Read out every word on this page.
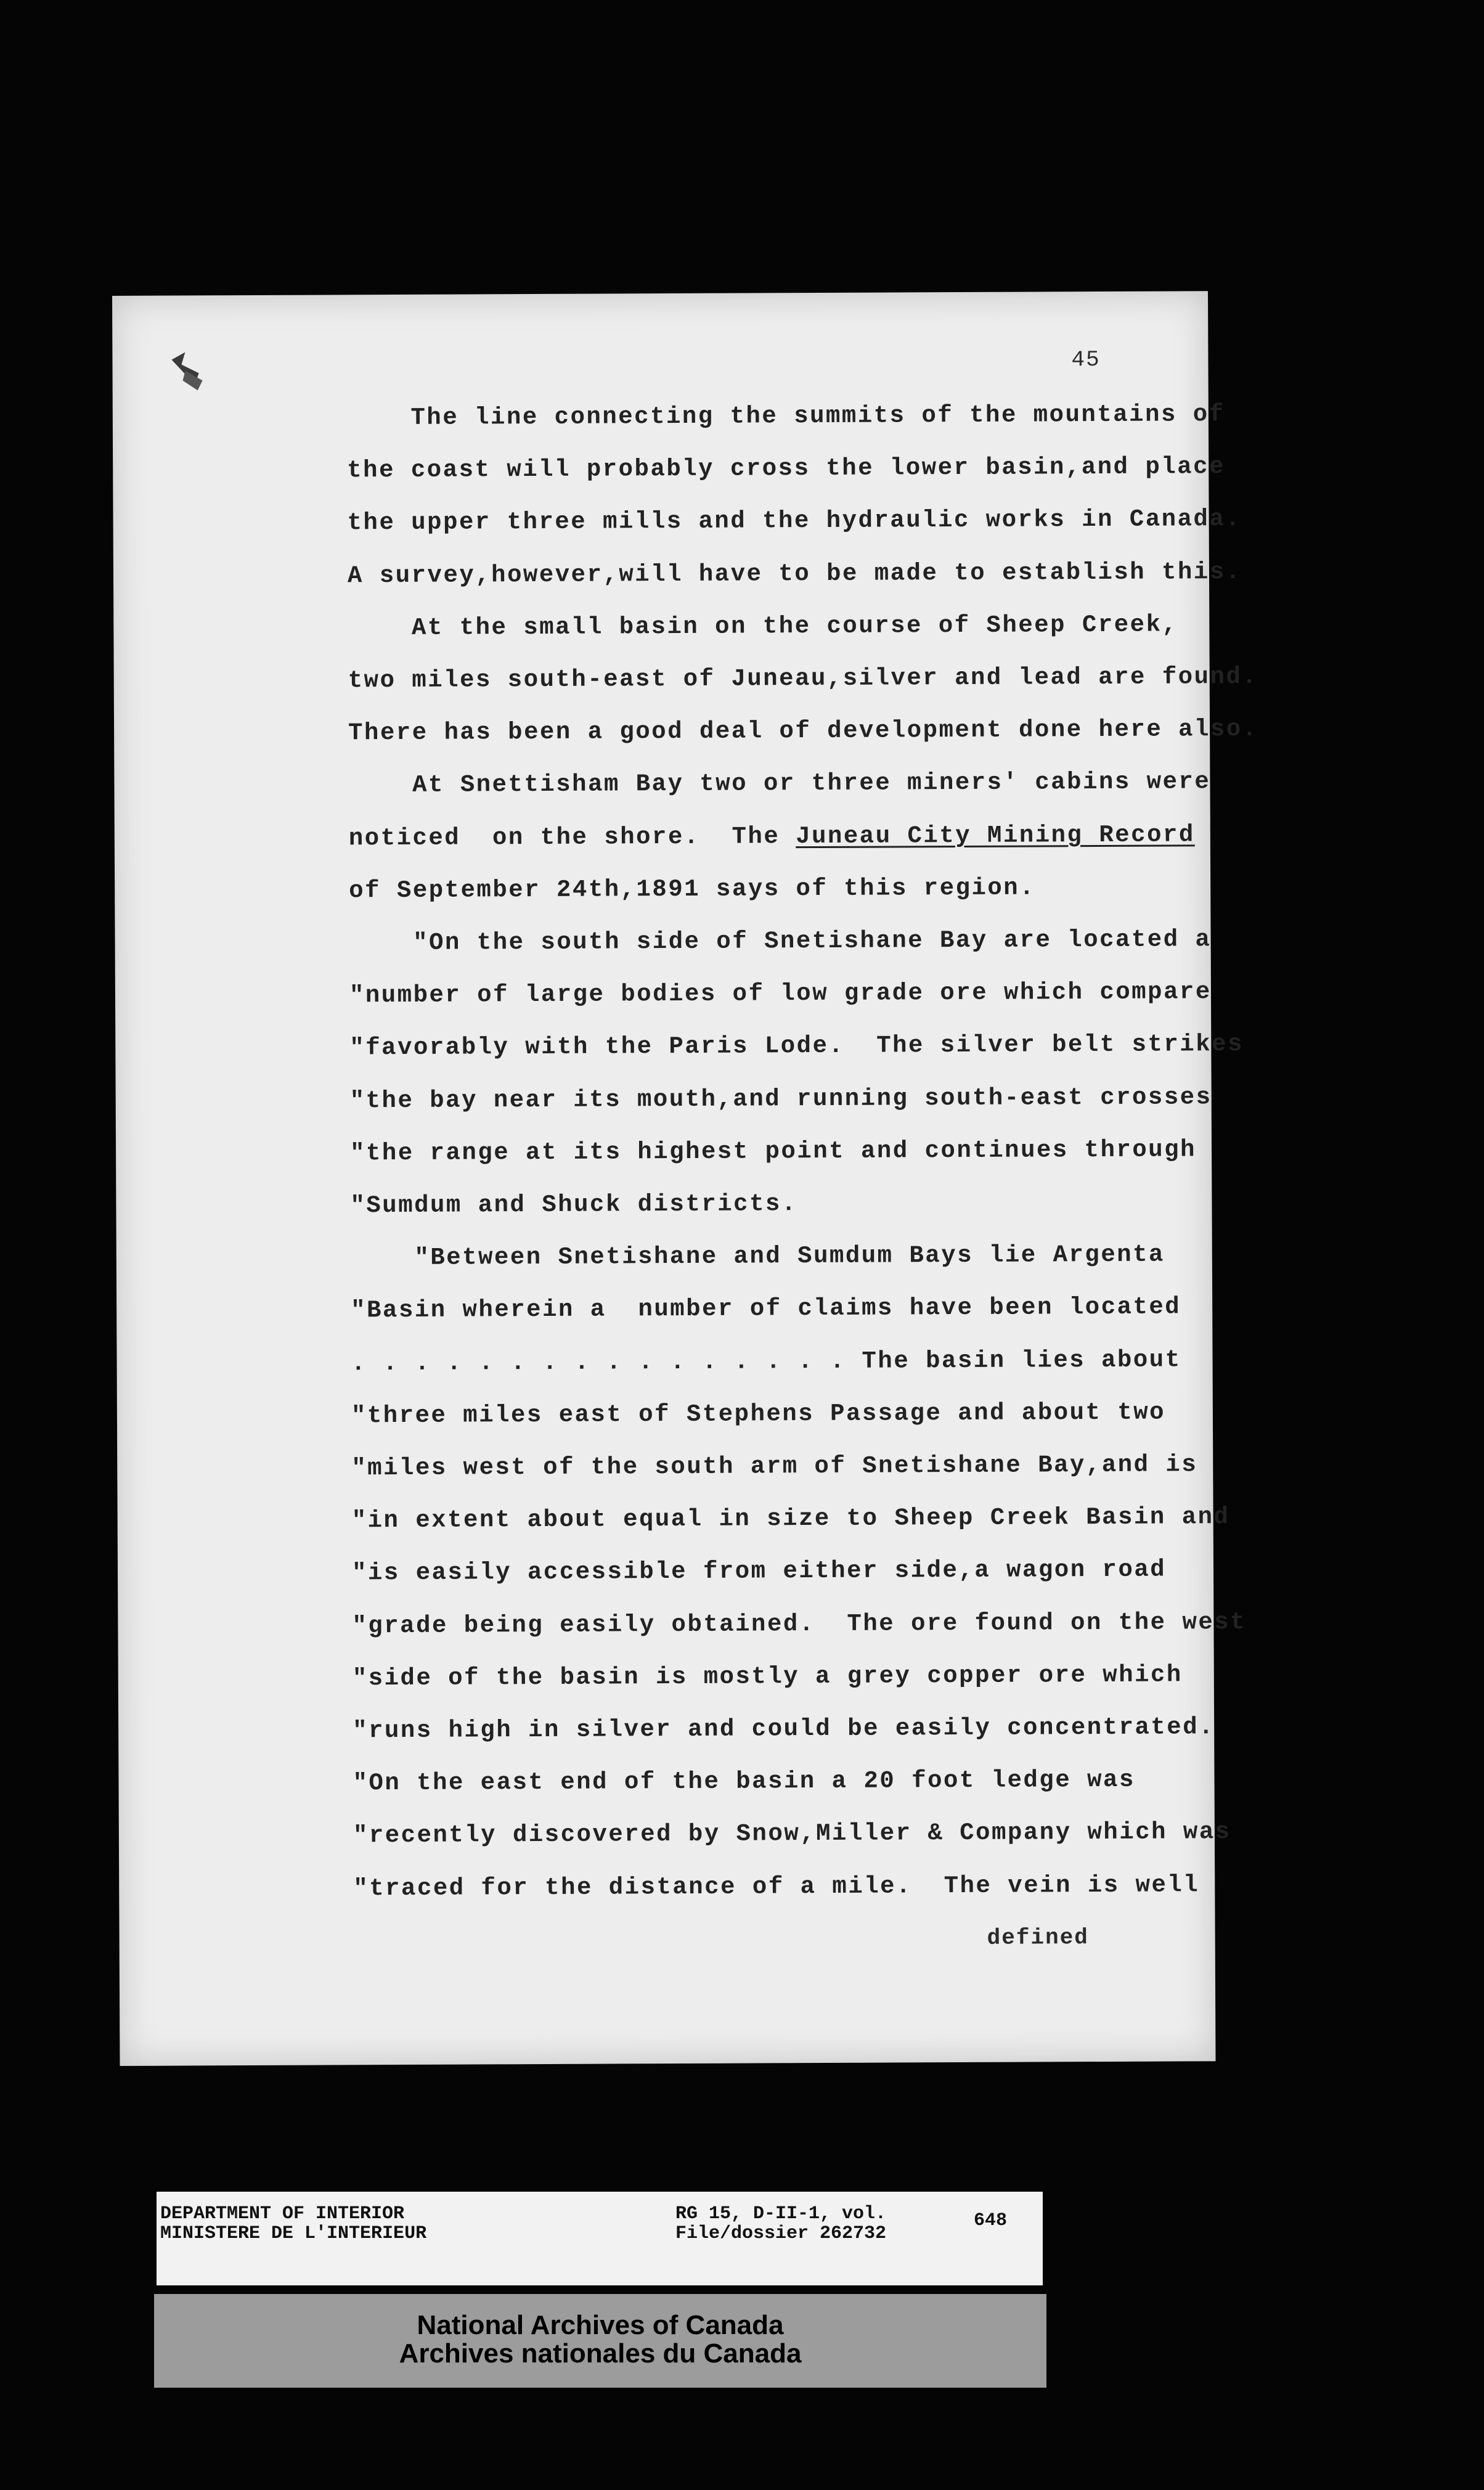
45
The line connecting the summits of the mountains of
the coast will probably cross the lower basin,and place
the upper three mills and the hydraulic works in Canada.
A survey,however,will have to be made to establish this.
At the small basin on the course of Sheep Creek,
two miles south-east of Juneau,silver and lead are found.
There has been a good deal of development done here also.
At Snettisham Bay two or three miners' cabins were
noticed  on the shore.  The Juneau City Mining Record
of September 24th,1891 says of this region.
"On the south side of Snetishane Bay are located a
"number of large bodies of low grade ore which compare
"favorably with the Paris Lode.  The silver belt strikes
"the bay near its mouth,and running south-east crosses
"the range at its highest point and continues through
"Sumdum and Shuck districts.
"Between Snetishane and Sumdum Bays lie Argenta
"Basin wherein a  number of claims have been located
. . . . . . . . . . . . . . . . The basin lies about
"three miles east of Stephens Passage and about two
"miles west of the south arm of Snetishane Bay,and is
"in extent about equal in size to Sheep Creek Basin and
"is easily accessible from either side,a wagon road
"grade being easily obtained.  The ore found on the west
"side of the basin is mostly a grey copper ore which
"runs high in silver and could be easily concentrated.
"On the east end of the basin a 20 foot ledge was
"recently discovered by Snow,Miller & Company which was
"traced for the distance of a mile.  The vein is well
defined
DEPARTMENT OF INTERIOR
MINISTERE DE L'INTERIEUR
RG 15, D-II-1, vol.
File/dossier 262732
648
National Archives of Canada
Archives nationales du Canada
